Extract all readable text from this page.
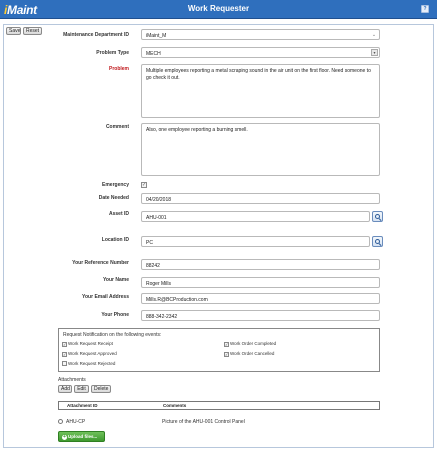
iMaint	Work Requester	?
Save	Reset
Maintenance Department ID	iMaint_M	⌄
Problem Type	MECH	▾
Problem	Multiple employees reporting a metal scraping sound in the air unit on the first floor. Need someone to go check it out.
Comment	Also, one employee reporting a burning smell.
Emergency	✓
Date Needed	04/20/2018
Asset ID
AHU-001
Location ID	PC
Your Reference Number	88242
Your Name
Roger Mills
Your Email Address	Mills.R@BCProduction.com
Your Phone	888-342-2342
Request Notification on the following events:
✓ Work Request Receipt
✓ Work Request Approved
Work Request Rejected
✓ Work Order Completed
✓ Work Order Cancelled
Attachments
Add	Edit	Delete
Attachment ID	Comments
AHU-CP	Picture of the AHU-001 Control Panel
+ Upload files...
